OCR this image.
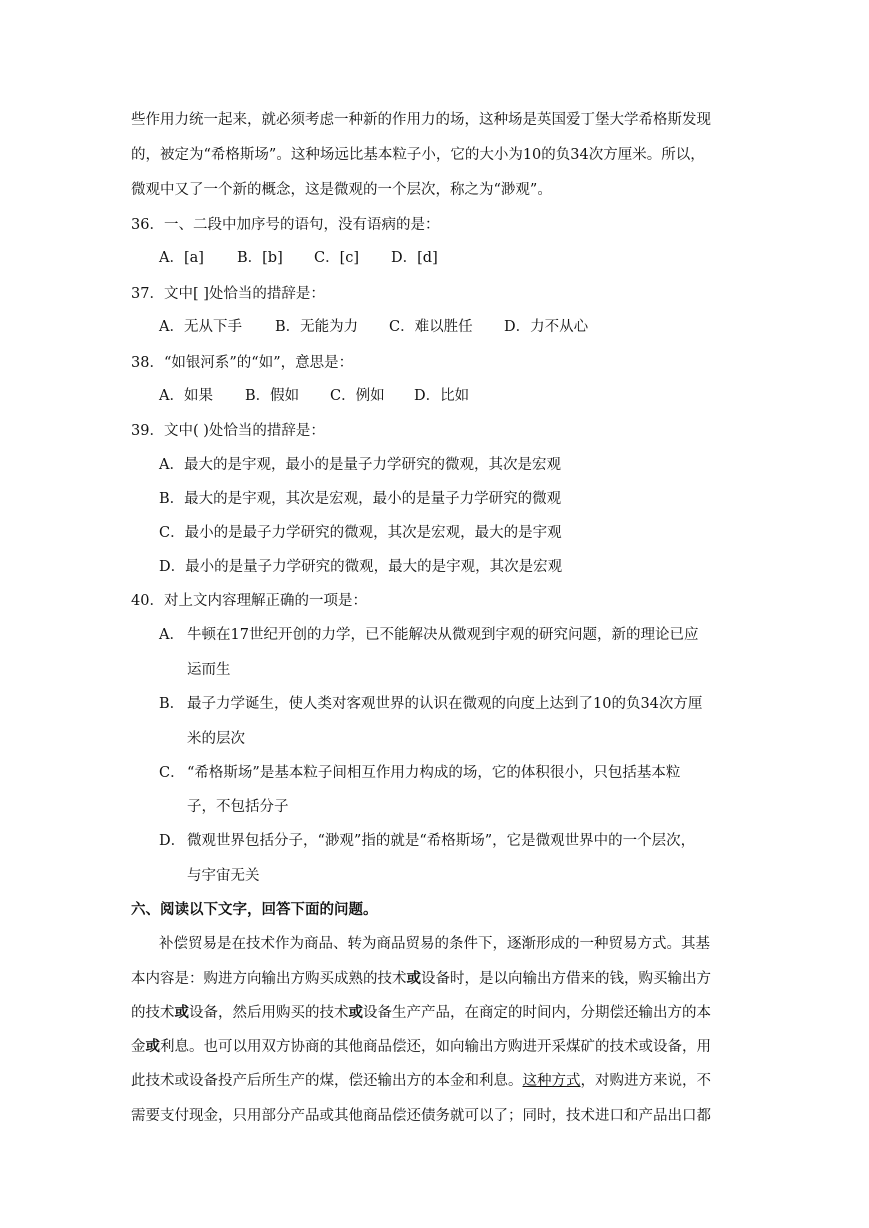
些作用力统一起来，就必须考虑一种新的作用力的场，这种场是英国爱丁堡大学希格斯发现
的，被定为“希格斯场”。这种场远比基本粒子小，它的大小为10的负34次方厘米。所以，
微观中又了一个新的概念，这是微观的一个层次，称之为“渺观”。
36．一、二段中加序号的语句，没有语病的是：
A．[a] B．[b] C．[c] D．[d]
37．文中[ ]处恰当的措辞是：
A．无从下手 B．无能为力 C．难以胜任 D．力不从心
38．“如银河系”的“如”，意思是：
A．如果 B．假如 C．例如 D．比如
39．文中( )处恰当的措辞是：
A．最大的是宇观，最小的是量子力学研究的微观，其次是宏观
B．最大的是宇观，其次是宏观，最小的是量子力学研究的微观
C．最小的是最子力学研究的微观，其次是宏观，最大的是宇观
D．最小的是量子力学研究的微观，最大的是宇观，其次是宏观
40．对上文内容理解正确的一项是：
A． 牛顿在17世纪开创的力学，已不能解决从微观到宇观的研究问题，新的理论已应
运而生
B． 最子力学诞生，使人类对客观世界的认识在微观的向度上达到了10的负34次方厘
米的层次
C． “希格斯场”是基本粒子间相互作用力构成的场，它的体积很小，只包括基本粒
子，不包括分子
D． 微观世界包括分子，“渺观”指的就是“希格斯场”，它是微观世界中的一个层次，
与宇宙无关
六、阅读以下文字，回答下面的问题。
补偿贸易是在技术作为商品、转为商品贸易的条件下，逐渐形成的一种贸易方式。其基
本内容是：购进方向输出方购买成熟的技术或设备时，是以向输出方借来的钱，购买输出方
的技术或设备，然后用购买的技术或设备生产产品，在商定的时间内，分期偿还输出方的本
金或利息。也可以用双方协商的其他商品偿还，如向输出方购进开采煤矿的技术或设备，用
此技术或设备投产后所生产的煤，偿还输出方的本金和利息。这种方式，对购进方来说，不
需要支付现金，只用部分产品或其他商品偿还债务就可以了；同时，技术进口和产品出口都
